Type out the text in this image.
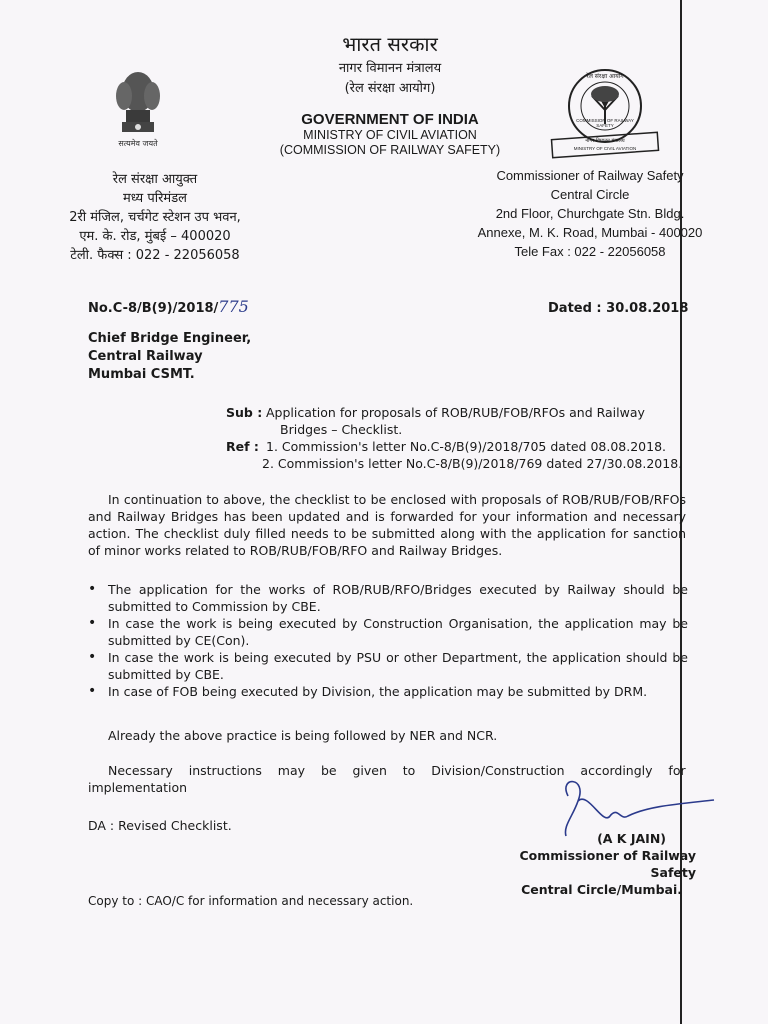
सत्यमेव जयते
भारत सरकार
नागर विमानन मंत्रालय
(रेल संरक्षा आयोग)
GOVERNMENT OF INDIA
MINISTRY OF CIVIL AVIATION
(COMMISSION OF RAILWAY SAFETY)
रेल संरक्षा आयोग
COMMISSION OF RAILWAY SAFETY
नागर विमानन मंत्रालय
MINISTRY OF CIVIL AVIATION
रेल संरक्षा आयुक्त
मध्य परिमंडल
2री मंजिल, चर्चगेट स्टेशन उप भवन,
एम. के. रोड, मुंबई – 400020
टेली. फैक्स : 022 - 22056058
Commissioner of Railway Safety
Central Circle
2nd Floor, Churchgate Stn. Bldg.
Annexe, M. K. Road, Mumbai - 400020
Tele Fax : 022 - 22056058
No.C-8/B(9)/2018/775	Dated : 30.08.2018
Chief Bridge Engineer,
Central Railway
Mumbai CSMT.
Sub : Application for proposals of ROB/RUB/FOB/RFOs and Railway
Bridges – Checklist.
Ref : 1. Commission's letter No.C-8/B(9)/2018/705 dated 08.08.2018.
2. Commission's letter No.C-8/B(9)/2018/769 dated 27/30.08.2018.
In continuation to above, the checklist to be enclosed with proposals of ROB/RUB/FOB/RFOs and Railway Bridges has been updated and is forwarded for your information and necessary action. The checklist duly filled needs to be submitted along with the application for sanction of minor works related to ROB/RUB/FOB/RFO and Railway Bridges.
• The application for the works of ROB/RUB/RFO/Bridges executed by Railway should be submitted to Commission by CBE.
• In case the work is being executed by Construction Organisation, the application may be submitted by CE(Con).
• In case the work is being executed by PSU or other Department, the application should be submitted by CBE.
• In case of FOB being executed by Division, the application may be submitted by DRM.
Already the above practice is being followed by NER and NCR.
Necessary    instructions    may    be    given    to    Division/Construction    accordingly    for
implementation
DA : Revised Checklist.
(A K JAIN)
Commissioner of Railway Safety
Central Circle/Mumbai.
Copy to : CAO/C for information and necessary action.
